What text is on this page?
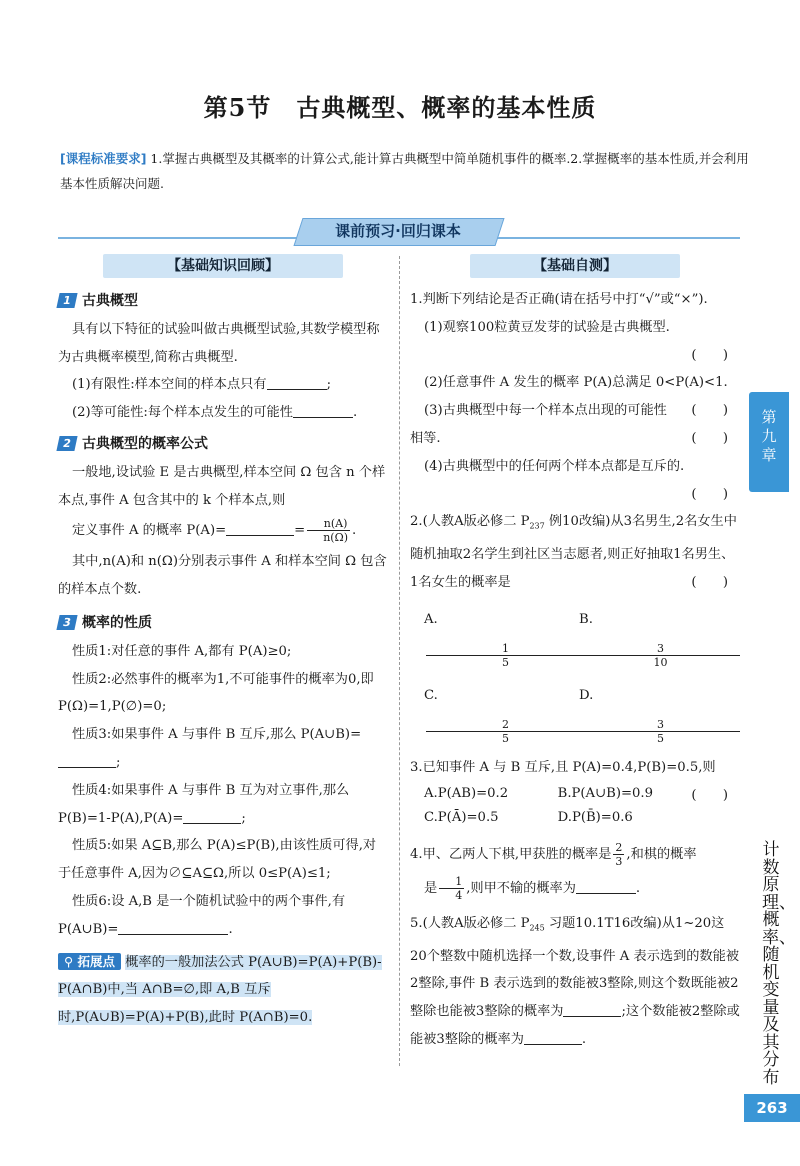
第5节　古典概型、概率的基本性质
[课程标准要求] 1.掌握古典概型及其概率的计算公式,能计算古典概型中简单随机事件的概率.2.掌握概率的基本性质,并会利用基本性质解决问题.
课前预习·回归课本
【基础知识回顾】

1 古典概型

具有以下特征的试验叫做古典概型试验,其数学模型称为古典概率模型,简称古典概型.

(1)有限性:样本空间的样本点只有	;

(2)等可能性:每个样本点发生的可能性	.

2 古典概型的概率公式

一般地,设试验 E 是古典概型,样本空间 Ω 包含 n 个样本点,事件 A 包含其中的 k 个样本点,则

定义事件 A 的概率 P(A)=	= $\frac{n(A)}{n(\Omega)}$ .

其中,n(A)和 n(Ω)分别表示事件 A 和样本空间 Ω 包含的样本点个数.

3 概率的性质

性质1:对任意的事件 A,都有 P(A)≥0;

性质2:必然事件的概率为1,不可能事件的概率为0,即 P(Ω)=1,P(∅)=0;

性质3:如果事件 A 与事件 B 互斥,那么 P(A∪B)=;

性质4:如果事件 A 与事件 B 互为对立事件,那么 P(B)=1-P(A),P(A)=	;

性质5:如果 A⊆B,那么 P(A)≤P(B),由该性质可得,对于任意事件 A,因为∅⊆A⊆Ω,所以 0≤P(A)≤1;

性质6:设 A,B 是一个随机试验中的两个事件,有 P(A∪B)=	.

⚲ 拓展点 概率的一般加法公式 P(A∪B)=P(A)+P(B)-P(A∩B)中,当 A∩B=∅,即 A,B 互斥时,P(A∪B)=P(A)+P(B),此时 P(A∩B)=0.

【基础自测】

1.判断下列结论是否正确(请在括号中打“√”或“×”).

(1)观察100粒黄豆发芽的试验是古典概型.

(　　)

(2)任意事件 A 发生的概率 P(A)总满足 0<P(A)<1.
(　　)

(3)古典概型中每一个样本点出现的可能性相等.	(　　)

(4)古典概型中的任何两个样本点都是互斥的.

(　　)

2.(人教A版必修二 $P_{237}$ 例10改编)从3名男生,2名女生中随机抽取2名学生到社区当志愿者,则正好抽取1名男生、1名女生的概率是	(　　)

A.
$\frac{1}{5}$
B.
$\frac{3}{10}$
C.
$\frac{2}{5}$
D.
$\frac{3}{5}$

3.已知事件 A 与 B 互斥,且 P(A)=0.4,P(B)=0.5,则
(　　)

A.P(AB)=0.2	B.P(A∪B)=0.9
C.P(Ā)=0.5	D.P(B̄)=0.6

4.甲、乙两人下棋,甲获胜的概率是 $\frac{2}{3}$ ,和棋的概率

是 $\frac{1}{4}$ ,则甲不输的概率为	.

5.(人教A版必修二 $P_{245}$ 习题10.1T16改编)从1~20这20个整数中随机选择一个数,设事件 A 表示选到的数能被2整除,事件 B 表示选到的数能被3整除,则这个数既能被2整除也能被3整除的概率为	;这个数能被2整除或能被3整除的概率为	.

第九章
计数原理、概率、随机变量及其分布
263
